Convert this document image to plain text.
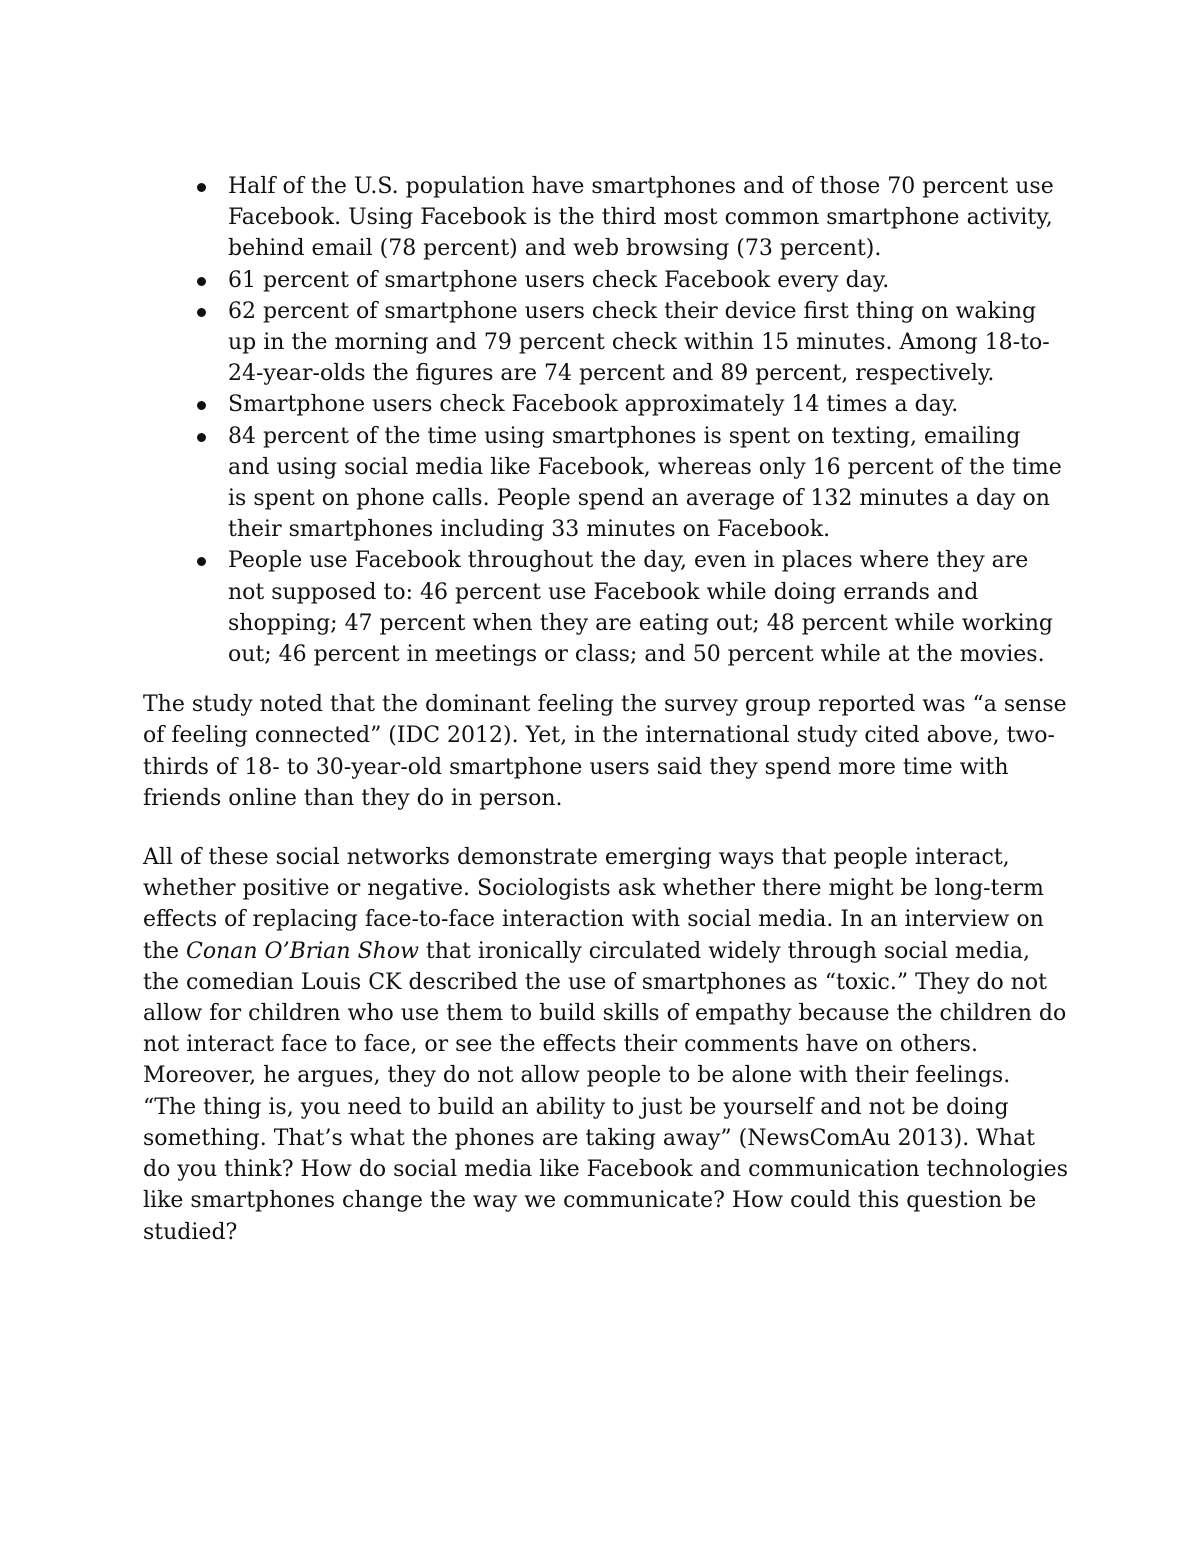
Half of the U.S. population have smartphones and of those 70 percent use Facebook. Using Facebook is the third most common smartphone activity, behind email (78 percent) and web browsing (73 percent).
61 percent of smartphone users check Facebook every day.
62 percent of smartphone users check their device first thing on waking up in the morning and 79 percent check within 15 minutes. Among 18-to-24-year-olds the figures are 74 percent and 89 percent, respectively.
Smartphone users check Facebook approximately 14 times a day.
84 percent of the time using smartphones is spent on texting, emailing and using social media like Facebook, whereas only 16 percent of the time is spent on phone calls. People spend an average of 132 minutes a day on their smartphones including 33 minutes on Facebook.
People use Facebook throughout the day, even in places where they are not supposed to: 46 percent use Facebook while doing errands and shopping; 47 percent when they are eating out; 48 percent while working out; 46 percent in meetings or class; and 50 percent while at the movies.

The study noted that the dominant feeling the survey group reported was “a sense of feeling connected” (IDC 2012). Yet, in the international study cited above, two-thirds of 18- to 30-year-old smartphone users said they spend more time with friends online than they do in person.

All of these social networks demonstrate emerging ways that people interact, whether positive or negative. Sociologists ask whether there might be long-term effects of replacing face-to-face interaction with social media. In an interview on the Conan O’Brian Show that ironically circulated widely through social media, the comedian Louis CK described the use of smartphones as “toxic.” They do not allow for children who use them to build skills of empathy because the children do not interact face to face, or see the effects their comments have on others. Moreover, he argues, they do not allow people to be alone with their feelings. “The thing is, you need to build an ability to just be yourself and not be doing something. That’s what the phones are taking away” (NewsComAu 2013). What do you think? How do social media like Facebook and communication technologies like smartphones change the way we communicate? How could this question be studied?
